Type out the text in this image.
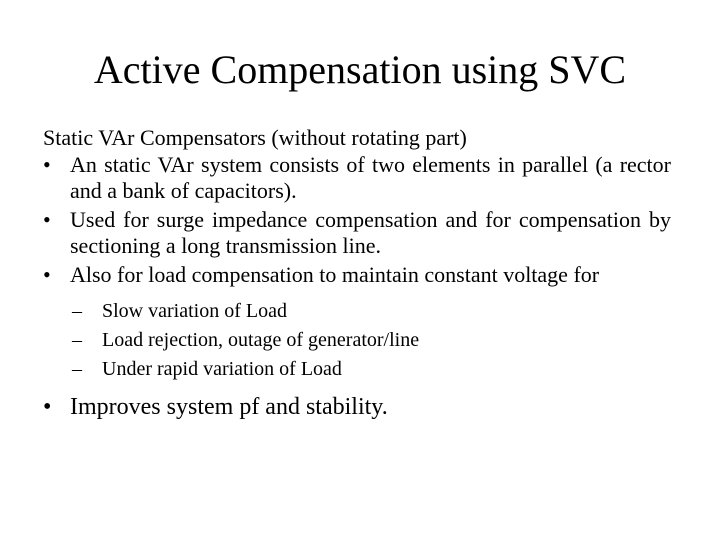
Active Compensation using SVC
Static VAr Compensators (without rotating part)
• An static VAr system consists of two elements in parallel (a rector and a bank of capacitors).
• Used for surge impedance compensation and for compensation by sectioning a long transmission line.
• Also for load compensation to maintain constant voltage for
– Slow variation of Load
– Load rejection, outage of generator/line
– Under rapid variation of Load
• Improves system pf and stability.
